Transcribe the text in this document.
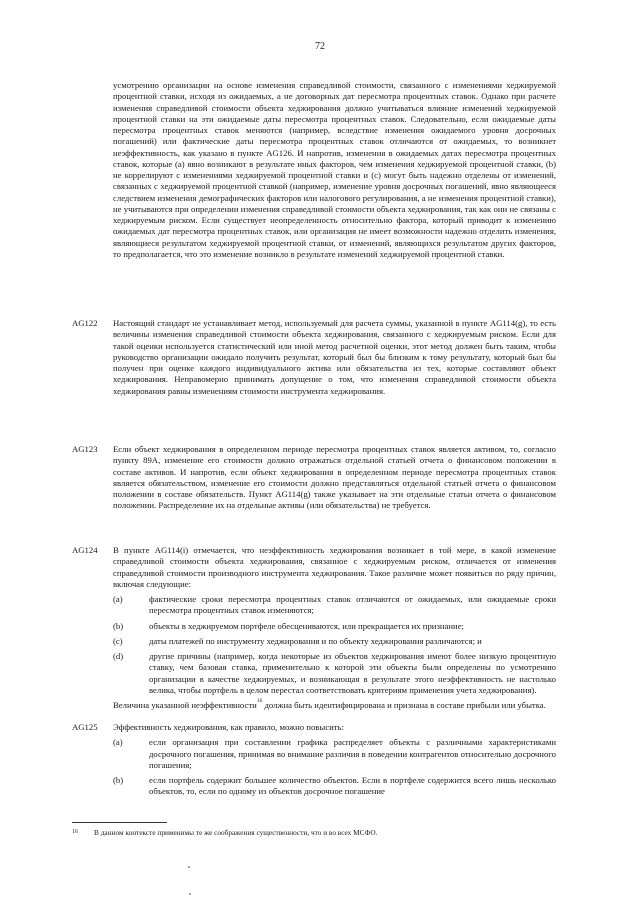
72
усмотрению организации на основе изменения справедливой стоимости, связанного с изменениями хеджируемой процентной ставки, исходя из ожидаемых, а не договорных дат пересмотра процентных ставок. Однако при расчете изменения справедливой стоимости объекта хеджирования должно учитываться влияние изменений хеджируемой процентной ставки на эти ожидаемые даты пересмотра процентных ставок. Следовательно, если ожидаемые даты пересмотра процентных ставок меняются (например, вследствие изменения ожидаемого уровня досрочных погашений) или фактические даты пересмотра процентных ставок отличаются от ожидаемых, то возникнет неэффективность, как указано в пункте AG126. И напротив, изменения в ожидаемых датах пересмотра процентных ставок, которые (а) явно возникают в результате иных факторов, чем изменения хеджируемой процентной ставки, (b) не коррелируют с изменениями хеджируемой процентной ставки и (с) могут быть надежно отделены от изменений, связанных с хеджируемой процентной ставкой (например, изменение уровня досрочных погашений, явно являющееся следствием изменения демографических факторов или налогового регулирования, а не изменения процентной ставки), не учитываются при определении изменения справедливой стоимости объекта хеджирования, так как они не связаны с хеджируемым риском. Если существует неопределенность относительно фактора, который приводит к изменению ожидаемых дат пересмотра процентных ставок, или организация не имеет возможности надежно отделить изменения, являющиеся результатом хеджируемой процентной ставки, от изменений, являющихся результатом других факторов, то предполагается, что это изменение возникло в результате изменений хеджируемой процентной ставки.
AG122	Настоящий стандарт не устанавливает метод, используемый для расчета суммы, указанной в пункте AG114(g), то есть величины изменения справедливой стоимости объекта хеджирования, связанного с хеджируемым риском. Если для такой оценки используется статистический или иной метод расчетной оценки, этот метод должен быть таким, чтобы руководство организации ожидало получить результат, который был бы близким к тому результату, который был бы получен при оценке каждого индивидуального актива или обязательства из тех, которые составляют объект хеджирования. Неправомерно принимать допущение о том, что изменения справедливой стоимости объекта хеджирования равны изменениям стоимости инструмента хеджирования.
AG123	Если объект хеджирования в определенном периоде пересмотра процентных ставок является активом, то, согласно пункту 89А, изменение его стоимости должно отражаться отдельной статьей отчета о финансовом положении в составе активов. И напротив, если объект хеджирования в определенном периоде пересмотра процентных ставок является обязательством, изменение его стоимости должно представляться отдельной статьей отчета о финансовом положении в составе обязательств. Пункт AG114(g) также указывает на эти отдельные статьи отчета о финансовом положении. Распределение их на отдельные активы (или обязательства) не требуется.
AG124	В пункте AG114(i) отмечается, что неэффективность хеджирования возникает в той мере, в какой изменение справедливой стоимости объекта хеджирования, связанное с хеджируемым риском, отличается от изменения справедливой стоимости производного инструмента хеджирования. Такое различие может появиться по ряду причин, включая следующие:
(a)	фактические сроки пересмотра процентных ставок отличаются от ожидаемых, или ожидаемые сроки пересмотра процентных ставок изменяются;
(b)	объекты в хеджируемом портфеле обесцениваются, или прекращается их признание;
(c)	даты платежей по инструменту хеджирования и по объекту хеджирования различаются; и
(d)	другие причины (например, когда некоторые из объектов хеджирования имеют более низкую процентную ставку, чем базовая ставка, применительно к которой эти объекты были определены по усмотрению организации в качестве хеджируемых, и возникающая в результате этого неэффективность не настолько велика, чтобы портфель в целом перестал соответствовать критериям применения учета хеджирования).
Величина указанной неэффективности$^{16}$ должна быть идентифицирована и признана в составе прибыли или убытка.
AG125	Эффективность хеджирования, как правило, можно повысить:
(a)	если организация при составлении графика распределяет объекты с различными характеристиками досрочного погашения, принимая во внимание различия в поведении контрагентов относительно досрочного погашения;
(b)	если портфель содержит большее количество объектов. Если в портфеле содержится всего лишь несколько объектов, то, если по одному из объектов досрочное погашение
16 В данном контексте применимы те же соображения существенности, что и во всех МСФО.
